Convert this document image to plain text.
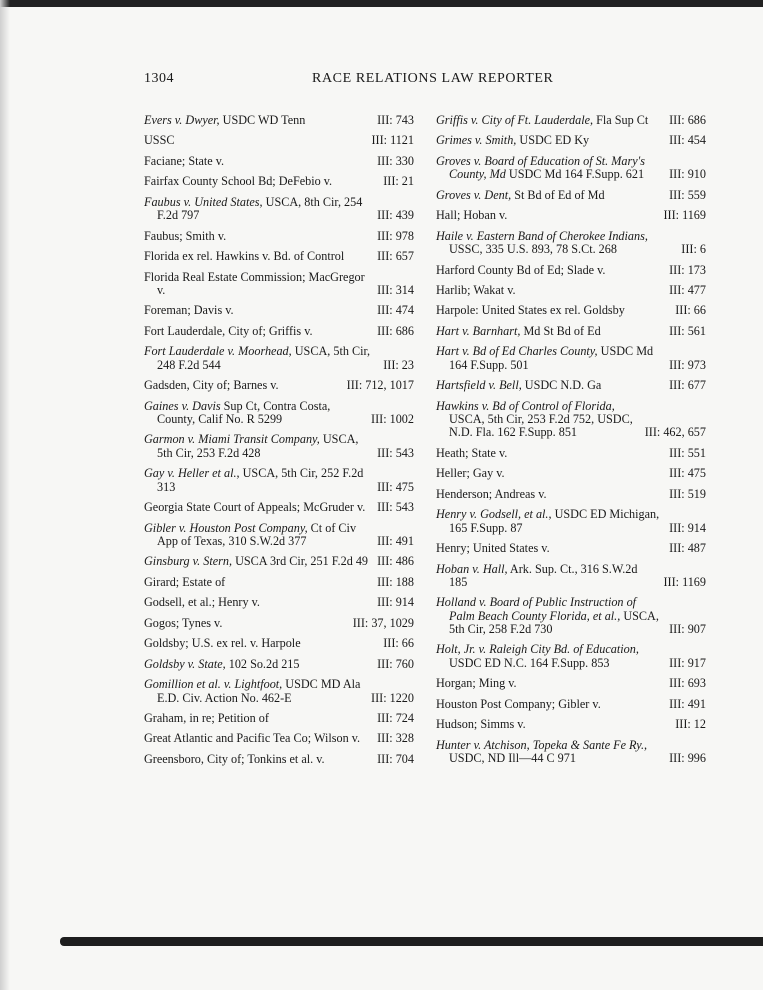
1304	RACE RELATIONS LAW REPORTER
Evers v. Dwyer, USDC WD Tenn	III: 743
USSC	III: 1121
Faciane; State v.	III: 330
Fairfax County School Bd; DeFebio v.	III: 21
Faubus v. United States, USCA, 8th Cir, 254 F.2d 797	III: 439
Faubus; Smith v.	III: 978
Florida ex rel. Hawkins v. Bd. of Control	III: 657
Florida Real Estate Commission; MacGregor v.	III: 314
Foreman; Davis v.	III: 474
Fort Lauderdale, City of; Griffis v.	III: 686
Fort Lauderdale v. Moorhead, USCA, 5th Cir, 248 F.2d 544	III: 23
Gadsden, City of; Barnes v.	III: 712, 1017
Gaines v. Davis Sup Ct, Contra Costa, County, Calif No. R 5299	III: 1002
Garmon v. Miami Transit Company, USCA, 5th Cir, 253 F.2d 428	III: 543
Gay v. Heller et al., USCA, 5th Cir, 252 F.2d 313	III: 475
Georgia State Court of Appeals; McGruder v. III: 543
Gibler v. Houston Post Company, Ct of Civ App of Texas, 310 S.W.2d 377	III: 491
Ginsburg v. Stern, USCA 3rd Cir, 251 F.2d 49 III: 486
Girard; Estate of	III: 188
Godsell, et al.; Henry v.	III: 914
Gogos; Tynes v.	III: 37, 1029
Goldsby; U.S. ex rel. v. Harpole	III: 66
Goldsby v. State, 102 So.2d 215	III: 760
Gomillion et al. v. Lightfoot, USDC MD Ala E.D. Civ. Action No. 462-E	III: 1220
Graham, in re; Petition of	III: 724
Great Atlantic and Pacific Tea Co; Wilson v.	III: 328
Greensboro, City of; Tonkins et al. v.	III: 704
Griffis v. City of Ft. Lauderdale, Fla Sup Ct	III: 686
Grimes v. Smith, USDC ED Ky	III: 454
Groves v. Board of Education of St. Mary's County, Md USDC Md 164 F.Supp. 621	III: 910
Groves v. Dent, St Bd of Ed of Md	III: 559
Hall; Hoban v.	III: 1169
Haile v. Eastern Band of Cherokee Indians, USSC, 335 U.S. 893, 78 S.Ct. 268	III: 6
Harford County Bd of Ed; Slade v.	III: 173
Harlib; Wakat v.	III: 477
Harpole: United States ex rel. Goldsby	III: 66
Hart v. Barnhart, Md St Bd of Ed	III: 561
Hart v. Bd of Ed Charles County, USDC Md 164 F.Supp. 501	III: 973
Hartsfield v. Bell, USDC N.D. Ga	III: 677
Hawkins v. Bd of Control of Florida, USCA, 5th Cir, 253 F.2d 752, USDC, N.D. Fla. 162 F.Supp. 851	III: 462, 657
Heath; State v.	III: 551
Heller; Gay v.	III: 475
Henderson; Andreas v.	III: 519
Henry v. Godsell, et al., USDC ED Michigan, 165 F.Supp. 87	III: 914
Henry; United States v.	III: 487
Hoban v. Hall, Ark. Sup. Ct., 316 S.W.2d 185	III: 1169
Holland v. Board of Public Instruction of Palm Beach County Florida, et al., USCA, 5th Cir, 258 F.2d 730	III: 907
Holt, Jr. v. Raleigh City Bd. of Education, USDC ED N.C. 164 F.Supp. 853	III: 917
Horgan; Ming v.	III: 693
Houston Post Company; Gibler v.	III: 491
Hudson; Simms v.	III: 12
Hunter v. Atchison, Topeka & Sante Fe Ry., USDC, ND Ill—44 C 971	III: 996
